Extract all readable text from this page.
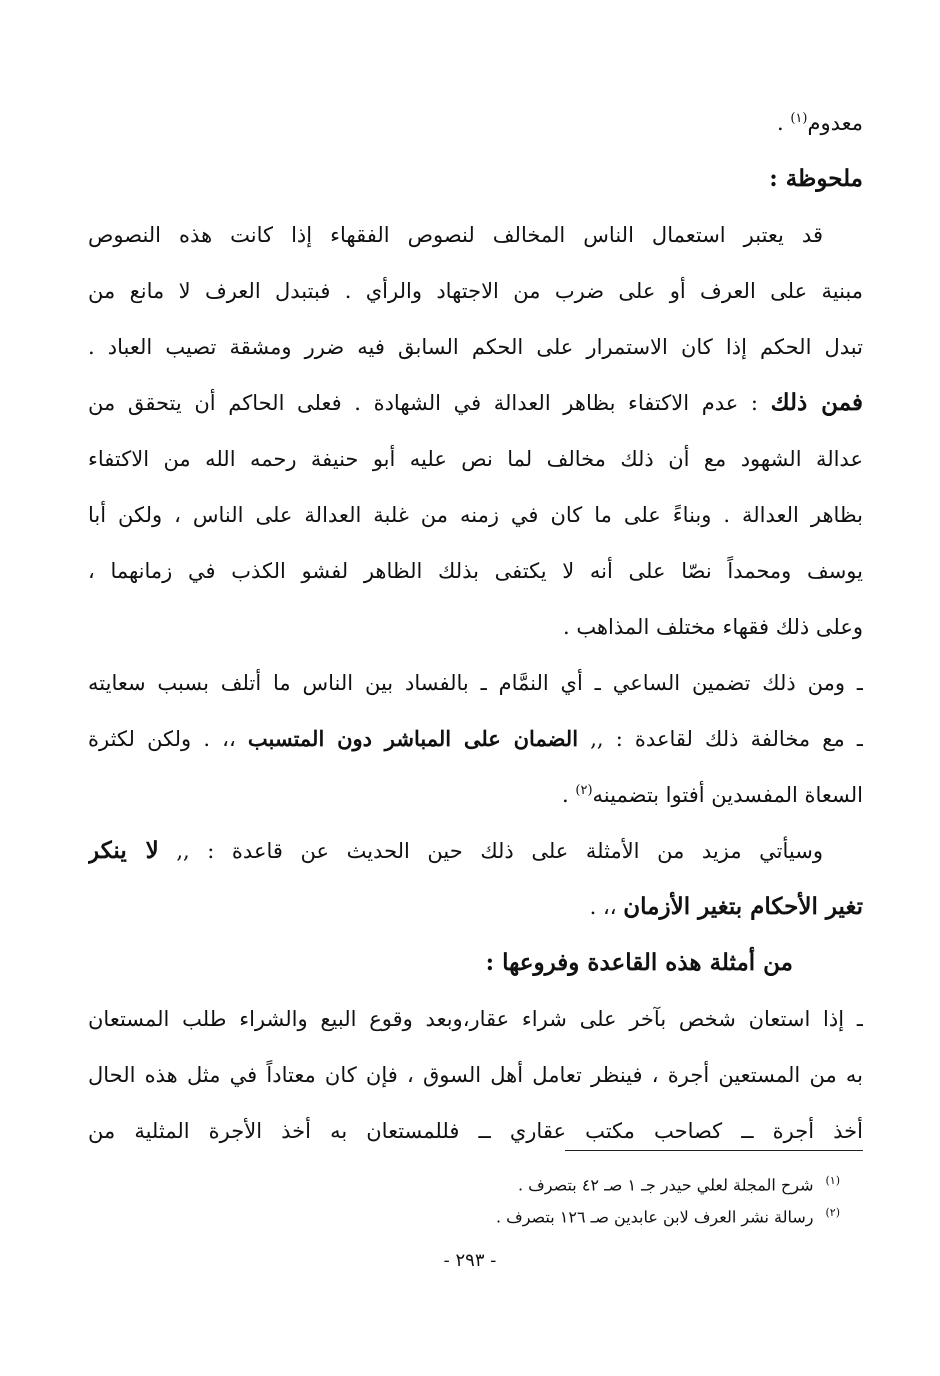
معدوم$^{(١)}$ .
ملحوظة :
قد يعتبر استعمال الناس المخالف لنصوص الفقهاء إذا كانت هذه النصوص
مبنية على العرف أو على ضرب من الاجتهاد والرأي . فبتبدل العرف لا مانع من
تبدل الحكم إذا كان الاستمرار على الحكم السابق فيه ضرر ومشقة تصيب العباد .
فمن ذلك : عدم الاكتفاء بظاهر العدالة في الشهادة . فعلى الحاكم أن يتحقق من
عدالة الشهود مع أن ذلك مخالف لما نص عليه أبو حنيفة رحمه الله من الاكتفاء
بظاهر العدالة . وبناءً على ما كان في زمنه من غلبة العدالة على الناس ، ولكن أبا
يوسف ومحمداً نصّا على أنه لا يكتفى بذلك الظاهر لفشو الكذب في زمانهما ،
وعلى ذلك فقهاء مختلف المذاهب .
ـ ومن ذلك تضمين الساعي ـ أي النمَّام ـ بالفساد بين الناس ما أتلف بسبب سعايته
ـ مع مخالفة ذلك لقاعدة : ,, الضمان على المباشر دون المتسبب ،، . ولكن لكثرة
السعاة المفسدين أفتوا بتضمينه$^{(٢)}$ .
وسيأتي مزيد من الأمثلة على ذلك حين الحديث عن قاعدة : ,, لا ينكر
تغير الأحكام بتغير الأزمان ،، .
من أمثلة هذه القاعدة وفروعها :
ـ إذا استعان شخص بآخر على شراء عقار،وبعد وقوع البيع والشراء طلب المستعان
به من المستعين أجرة ، فينظر تعامل أهل السوق ، فإن كان معتاداً في مثل هذه الحال
أخذ أجرة ــ كصاحب مكتب عقاري ــ فللمستعان به أخذ الأجرة المثلية من
$^{(١)}$شرح المجلة لعلي حيدر جـ ١ صـ ٤٢ بتصرف .
$^{(٢)}$رسالة نشر العرف لابن عابدين صـ ١٢٦ بتصرف .
- ٢٩٣ -
